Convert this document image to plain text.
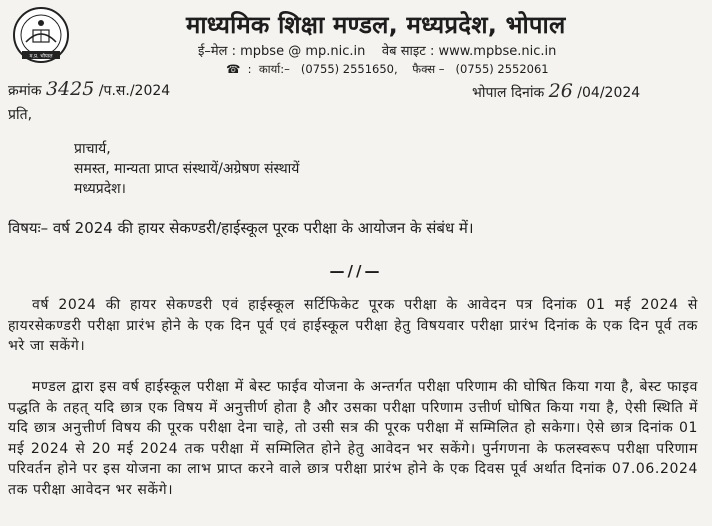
म.प्र. भोपाल
माध्यमिक शिक्षा मण्डल, मध्यप्रदेश, भोपाल
ई–मेल : mpbse @ mp.nic.in वेब साइट : www.mpbse.nic.in
☎  :  कार्या:– (0755) 2551650, फैक्स – (0755) 2552061
क्रमांक 3425 /प.स./2024	भोपाल दिनांक 26 /04/2024
प्रति,
प्राचार्य,
समस्त, मान्यता प्राप्त संस्थायें/अग्रेषण संस्थायें
मध्यप्रदेश।
विषयः– वर्ष 2024 की हायर सेकण्डरी/हाईस्कूल पूरक परीक्षा के आयोजन के संबंध में।
—//—
वर्ष 2024 की हायर सेकण्डरी एवं हाईस्कूल सर्टिफिकेट पूरक परीक्षा के आवेदन पत्र दिनांक 01 मई 2024 से हायरसेकण्डरी परीक्षा प्रारंभ होने के एक दिन पूर्व एवं हाईस्कूल परीक्षा हेतु विषयवार परीक्षा प्रारंभ दिनांक के एक दिन पूर्व तक भरे जा सकेंगे।
मण्डल द्वारा इस वर्ष हाईस्कूल परीक्षा में बेस्ट फाईव योजना के अन्तर्गत परीक्षा परिणाम की घोषित किया गया है, बेस्ट फाइव पद्धति के तहत् यदि छात्र एक विषय में अनुत्तीर्ण होता है और उसका परीक्षा परिणाम उत्तीर्ण घोषित किया गया है, ऐसी स्थिति में यदि छात्र अनुत्तीर्ण विषय की पूरक परीक्षा देना चाहे, तो उसी सत्र की पूरक परीक्षा में सम्मिलित हो सकेगा। ऐसे छात्र दिनांक 01 मई 2024 से 20 मई 2024 तक परीक्षा में सम्मिलित होने हेतु आवेदन भर सकेंगे। पुर्नगणना के फलस्वरूप परीक्षा परिणाम परिवर्तन होने पर इस योजना का लाभ प्राप्त करने वाले छात्र परीक्षा प्रारंभ होने के एक दिवस पूर्व अर्थात दिनांक 07.06.2024 तक परीक्षा आवेदन भर सकेंगे।
